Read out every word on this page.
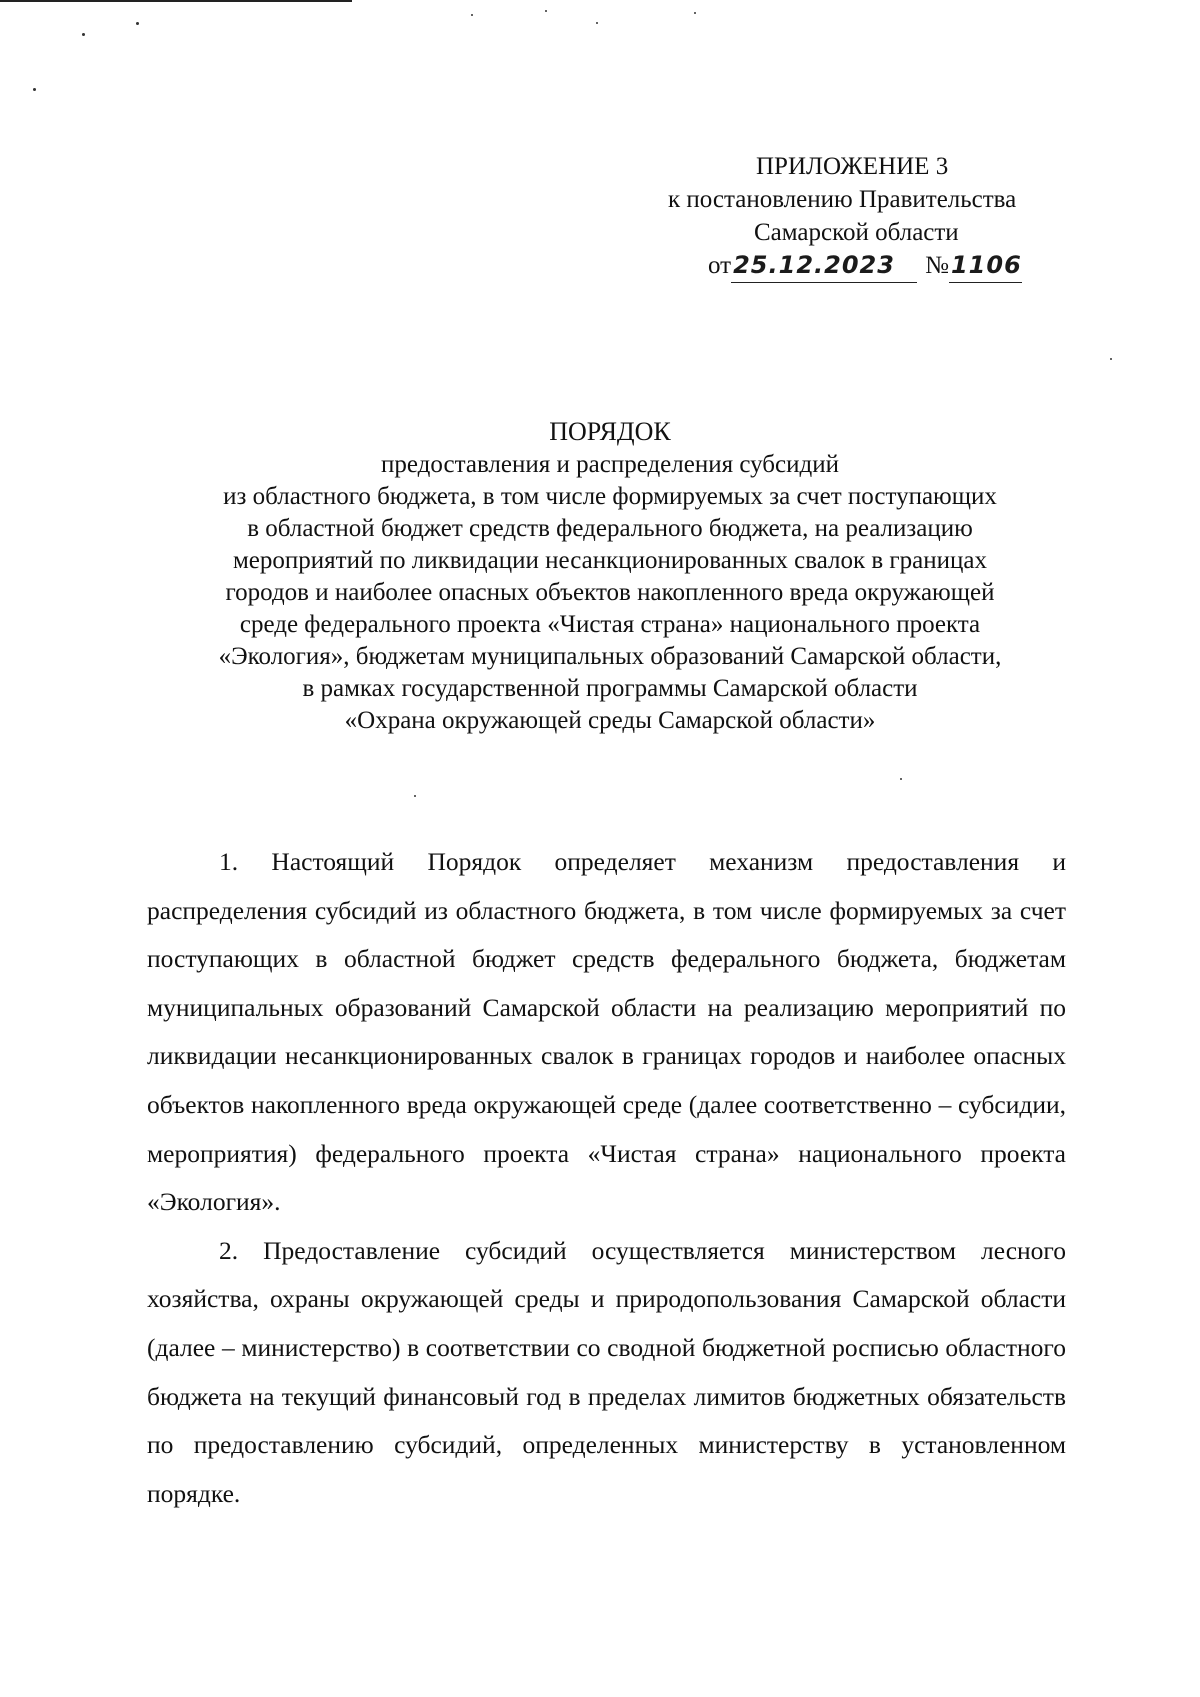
ПРИЛОЖЕНИЕ 3
к постановлению Правительства
Самарской области
от25.12.2023 №1106
ПОРЯДОК
предоставления и распределения субсидий
из областного бюджета, в том числе формируемых за счет поступающих
в областной бюджет средств федерального бюджета, на реализацию
мероприятий по ликвидации несанкционированных свалок в границах
городов и наиболее опасных объектов накопленного вреда окружающей
среде федерального проекта «Чистая страна» национального проекта
«Экология», бюджетам муниципальных образований Самарской области,
в рамках государственной программы Самарской области
«Охрана окружающей среды Самарской области»

1. Настоящий Порядок определяет механизм предоставления и распределения субсидий из областного бюджета, в том числе формируемых за счет поступающих в областной бюджет средств федерального бюджета, бюджетам муниципальных образований Самарской области на реализацию мероприятий по ликвидации несанкционированных свалок в границах городов и наиболее опасных объектов накопленного вреда окружающей среде (далее соответственно – субсидии, мероприятия) федерального проекта «Чистая страна» национального проекта «Экология».

2. Предоставление субсидий осуществляется министерством лесного хозяйства, охраны окружающей среды и природопользования Самарской области (далее – министерство) в соответствии со сводной бюджетной росписью областного бюджета на текущий финансовый год в пределах лимитов бюджетных обязательств по предоставлению субсидий, определенных министерству в установленном порядке.
